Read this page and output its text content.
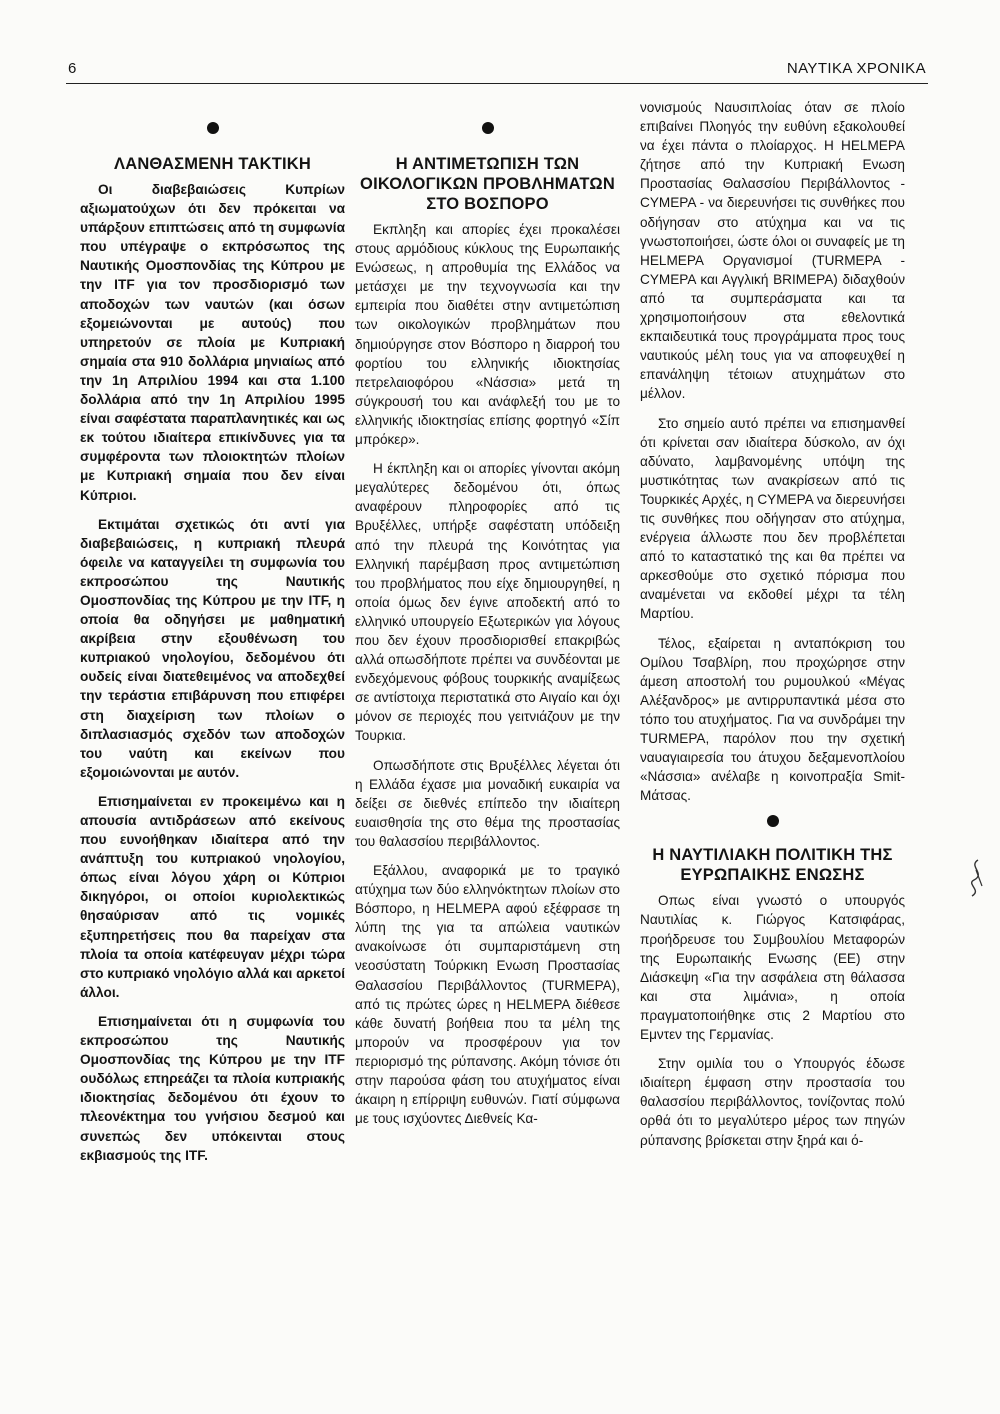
6	ΝΑΥΤΙΚΑ ΧΡΟΝΙΚΑ
ΛΑΝΘΑΣΜΕΝΗ ΤΑΚΤΙΚΗ

Οι διαβεβαιώσεις Κυπρίων αξιωματούχων ότι δεν πρόκειται να υπάρξουν επιπτώσεις από τη συμφωνία που υπέγραψε ο εκπρόσωπος της Ναυτικής Ομοσπονδίας της Κύπρου με την ITF για τον προσδιορισμό των αποδοχών των ναυτών (και όσων εξομειώνονται με αυτούς) που υπηρετούν σε πλοία με Κυπριακή σημαία στα 910 δολλάρια μηνιαίως από την 1η Απριλίου 1994 και στα 1.100 δολλάρια από την 1η Απριλίου 1995 είναι σαφέστατα παραπλανητικές και ως εκ τούτου ιδιαίτερα επικίνδυνες για τα συμφέροντα των πλοιοκτητών πλοίων με Κυπριακή σημαία που δεν είναι Κύπριοι.

Εκτιμάται σχετικώς ότι αντί για διαβεβαιώσεις, η κυπριακή πλευρά όφειλε να καταγγείλει τη συμφωνία του εκπροσώπου της Ναυτικής Ομοσπονδίας της Κύπρου με την ITF, η οποία θα οδηγήσει με μαθηματική ακρίβεια στην εξουθένωση του κυπριακού νηολογίου, δεδομένου ότι ουδείς είναι διατεθειμένος να αποδεχθεί την τεράστια επιβάρυνση που επιφέρει στη διαχείριση των πλοίων ο διπλασιασμός σχεδόν των αποδοχών του ναύτη και εκείνων που εξομοιώνονται με αυτόν.

Επισημαίνεται εν προκειμένω και η απουσία αντιδράσεων από εκείνους που ευνοήθηκαν ιδιαίτερα από την ανάπτυξη του κυπριακού νηολογίου, όπως είναι λόγου χάρη οι Κύπριοι δικηγόροι, οι οποίοι κυριολεκτικώς θησαύρισαν από τις νομικές εξυπηρετήσεις που θα παρείχαν στα πλοία τα οποία κατέφευγαν μέχρι τώρα στο κυπριακό νηολόγιο αλλά και αρκετοί άλλοι.

Επισημαίνεται ότι η συμφωνία του εκπροσώπου της Ναυτικής Ομοσπονδίας της Κύπρου με την ITF ουδόλως επηρεάζει τα πλοία κυπριακής ιδιοκτησίας δεδομένου ότι έχουν το πλεονέκτημα του γνήσιου δεσμού και συνεπώς δεν υπόκεινται στους εκβιασμούς της ITF.

Η ΑΝΤΙΜΕΤΩΠΙΣΗ ΤΩΝ ΟΙΚΟΛΟΓΙΚΩΝ ΠΡΟΒΛΗΜΑΤΩΝ ΣΤΟ ΒΟΣΠΟΡΟ

Εκπληξη και απορίες έχει προκαλέσει στους αρμόδιους κύκλους της Ευρωπαικής Ενώσεως, η απροθυμία της Ελλάδος να μετάσχει με την τεχνογνωσία και την εμπειρία που διαθέτει στην αντιμετώπιση των οικολογικών προβλημάτων που δημιούργησε στον Βόσπορο η διαρροή του φορτίου του ελληνικής ιδιοκτησίας πετρελαιοφόρου «Νάσσια» μετά τη σύγκρουσή του και ανάφλεξή του με το ελληνικής ιδιοκτησίας επίσης φορτηγό «Σίπ μπρόκερ».

Η έκπληξη και οι απορίες γίνονται ακόμη μεγαλύτερες δεδομένου ότι, όπως αναφέρουν πληροφορίες από τις Βρυξέλλες, υπήρξε σαφέστατη υπόδειξη από την πλευρά της Κοινότητας για Ελληνική παρέμβαση προς αντιμετώπιση του προβλήματος που είχε δημιουργηθεί, η οποία όμως δεν έγινε αποδεκτή από το ελληνικό υπουργείο Εξωτερικών για λόγους που δεν έχουν προσδιορισθεί επακριβώς αλλά οπωσδήποτε πρέπει να συνδέονται με ενδεχόμενους φόβους τουρκικής αναμίξεως σε αντίστοιχα περιστατικά στο Αιγαίο και όχι μόνον σε περιοχές που γειτνιάζουν με την Τουρκια.

Οπωσδήποτε στις Βρυξέλλες λέγεται ότι η Ελλάδα έχασε μια μοναδική ευκαιρία να δείξει σε διεθνές επίπεδο την ιδιαίτερη ευαισθησία της στο θέμα της προστασίας του θαλασσίου περιβάλλοντος.

Εξάλλου, αναφορικά με το τραγικό ατύχημα των δύο ελληνόκτητων πλοίων στο Βόσπορο, η HELMEPA αφού εξέφρασε τη λύπη της για τα απώλεια ναυτικών ανακοίνωσε ότι συμπαριστάμενη στη νεοσύστατη Τούρκικη Ενωση Προστασίας Θαλασσίου Περιβάλλοντος (TURMEPA), από τις πρώτες ώρες η HELMEPA διέθεσε κάθε δυνατή βοήθεια που τα μέλη της μπορούν να προσφέρουν για τον περιορισμό της ρύπανσης. Ακόμη τόνισε ότι στην παρούσα φάση του ατυχήματος είναι άκαιρη η επίρριψη ευθυνών. Γιατί σύμφωνα με τους ισχύοντες Διεθνείς Κα-

νονισμούς Ναυσιπλοίας όταν σε πλοίο επιβαίνει Πλοηγός την ευθύνη εξακολουθεί να έχει πάντα ο πλοίαρχος. Η HELMEPA ζήτησε από την Κυπριακή Ενωση Προστασίας Θαλασσίου Περιβάλλοντος - CYMEPA - να διερευνήσει τις συνθήκες που οδήγησαν στο ατύχημα και να τις γνωστοποιήσει, ώστε όλοι οι συναφείς με τη HELMEPA Οργανισμοί (TURMEPA - CYMEPA και Αγγλική BRIMEPA) διδαχθούν από τα συμπεράσματα και τα χρησιμοποιήσουν στα εθελοντικά εκπαιδευτικά τους προγράμματα προς τους ναυτικούς μέλη τους για να αποφευχθεί η επανάληψη τέτοιων ατυχημάτων στο μέλλον.

Στο σημείο αυτό πρέπει να επισημανθεί ότι κρίνεται σαν ιδιαίτερα δύσκολο, αν όχι αδύνατο, λαμβανομένης υπόψη της μυστικότητας των ανακρίσεων από τις Τουρκικές Αρχές, η CYMEPA να διερευνήσει τις συνθήκες που οδήγησαν στο ατύχημα, ενέργεια άλλωστε που δεν προβλέπεται από το καταστατικό της και θα πρέπει να αρκεσθούμε στο σχετικό πόρισμα που αναμένεται να εκδοθεί μέχρι τα τέλη Μαρτίου.

Τέλος, εξαίρεται η ανταπόκριση του Ομίλου Τσαβλίρη, που προχώρησε στην άμεση αποστολή του ρυμουλκού «Μέγας Αλέξανδρος» με αντιρρυπαντικά μέσα στο τόπο του ατυχήματος. Για να συνδράμει την TURMEPA, παρόλον που την σχετική ναυαγιαιρεσία του άτυχου δεξαμενοπλοίου «Νάσσια» ανέλαβε η κοινοπραξία Smit-Μάτσας.

Η ΝΑΥΤΙΛΙΑΚΗ ΠΟΛΙΤΙΚΗ ΤΗΣ ΕΥΡΩΠΑΙΚΗΣ ΕΝΩΣΗΣ

Οπως είναι γνωστό ο υπουργός Ναυτιλίας κ. Γιώργος Κατσιφάρας, προήδρευσε του Συμβουλίου Μεταφορών της Ευρωπαικής Ενωσης (ΕΕ) στην Διάσκεψη «Για την ασφάλεια στη θάλασσα και στα λιμάνια», η οποία πραγματοποιήθηκε στις 2 Μαρτίου στο Εμντεν της Γερμανίας.

Στην ομιλία του ο Υπουργός έδωσε ιδιαίτερη έμφαση στην προστασία του θαλασσίου περιβάλλοντος, τονίζοντας πολύ ορθά ότι το μεγαλύτερο μέρος των πηγών ρύπανσης βρίσκεται στην ξηρά και ό-
